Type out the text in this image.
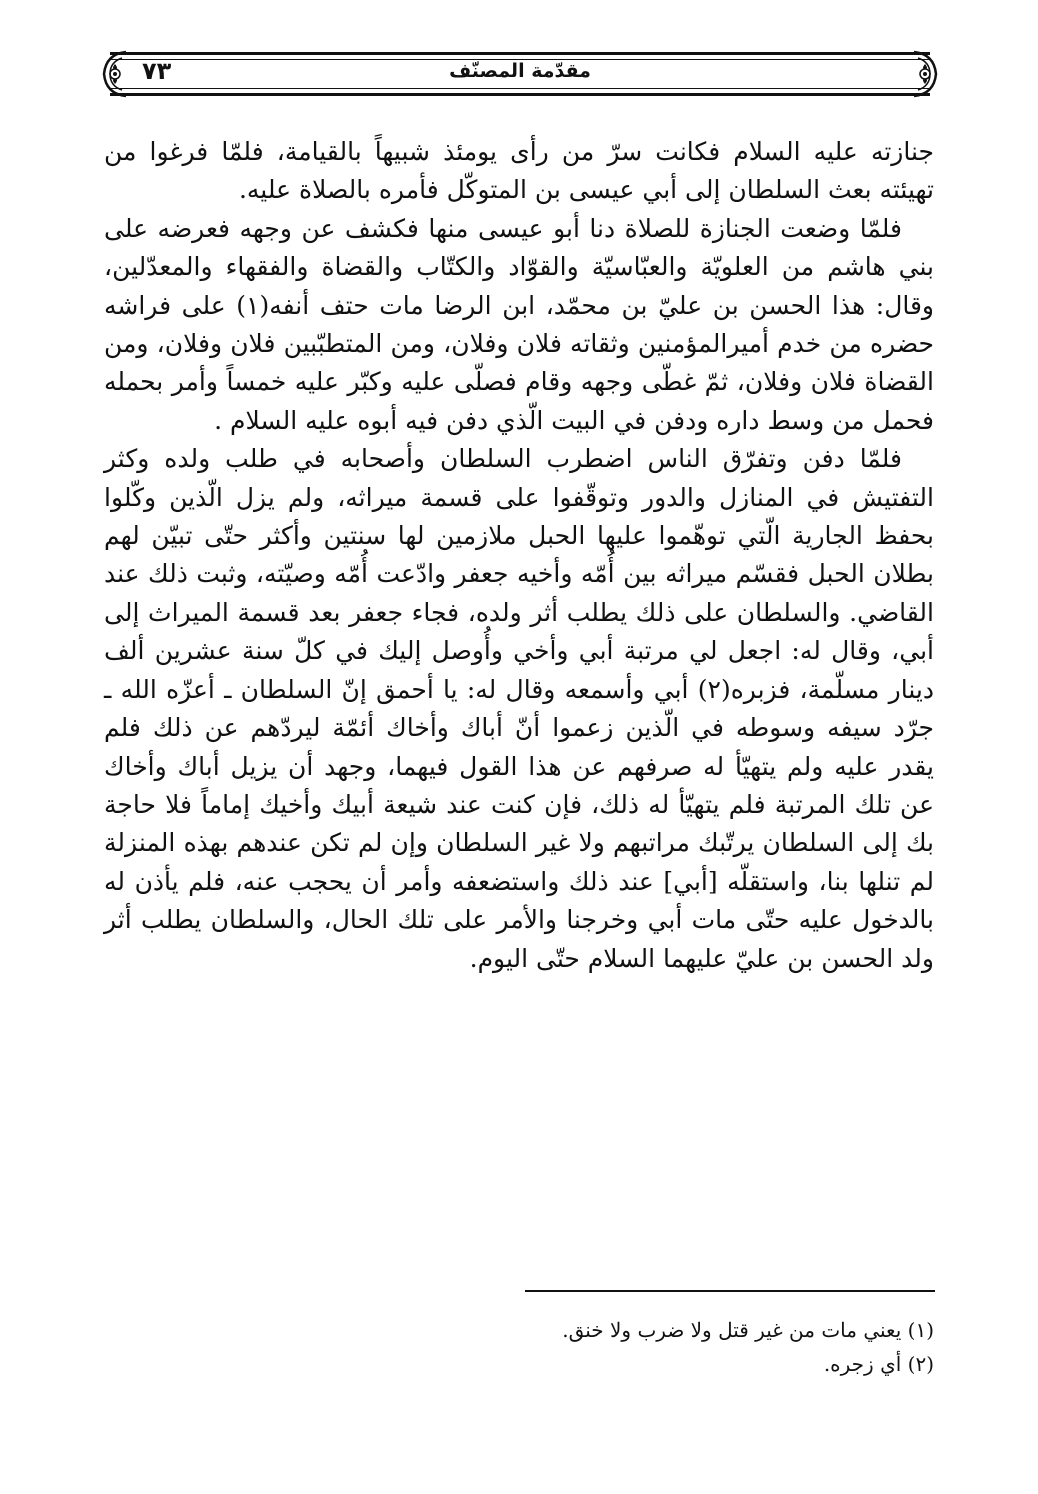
مقدّمة المصنّف
٧٣

جنازته عليه السلام فكانت سرّ من رأى يومئذ شبيهاً بالقيامة، فلمّا فرغوا من تهيئته بعث السلطان إلى أبي عيسى بن المتوكّل فأمره بالصلاة عليه.

فلمّا وضعت الجنازة للصلاة دنا أبو عيسى منها فكشف عن وجهه فعرضه على بني هاشم من العلويّة والعبّاسيّة والقوّاد والكتّاب والقضاة والفقهاء والمعدّلين، وقال: هذا الحسن بن عليّ بن محمّد، ابن الرضا مات حتف أنفه(١) على فراشه حضره من خدم أميرالمؤمنين وثقاته فلان وفلان، ومن المتطبّبين فلان وفلان، ومن القضاة فلان وفلان، ثمّ غطّى وجهه وقام فصلّى عليه وكبّر عليه خمساً وأمر بحمله فحمل من وسط داره ودفن في البيت الّذي دفن فيه أبوه عليه السلام .

فلمّا دفن وتفرّق الناس اضطرب السلطان وأصحابه في طلب ولده وكثر التفتيش في المنازل والدور وتوقّفوا على قسمة ميراثه، ولم يزل الّذين وكّلوا بحفظ الجارية الّتي توهّموا عليها الحبل ملازمين لها سنتين وأكثر حتّى تبيّن لهم بطلان الحبل فقسّم ميراثه بين أُمّه وأخيه جعفر وادّعت أُمّه وصيّته، وثبت ذلك عند القاضي. والسلطان على ذلك يطلب أثر ولده، فجاء جعفر بعد قسمة الميراث إلى أبي، وقال له: اجعل لي مرتبة أبي وأخي وأُوصل إليك في كلّ سنة عشرين ألف دينار مسلّمة، فزبره(٢) أبي وأسمعه وقال له: يا أحمق إنّ السلطان ـ أعزّه الله ـ جرّد سيفه وسوطه في الّذين زعموا أنّ أباك وأخاك أئمّة ليردّهم عن ذلك فلم يقدر عليه ولم يتهيّأ له صرفهم عن هذا القول فيهما، وجهد أن يزيل أباك وأخاك عن تلك المرتبة فلم يتهيّأ له ذلك، فإن كنت عند شيعة أبيك وأخيك إماماً فلا حاجة بك إلى السلطان يرتّبك مراتبهم ولا غير السلطان وإن لم تكن عندهم بهذه المنزلة لم تنلها بنا، واستقلّه [أبي] عند ذلك واستضعفه وأمر أن يحجب عنه، فلم يأذن له بالدخول عليه حتّى مات أبي وخرجنا والأمر على تلك الحال، والسلطان يطلب أثر ولد الحسن بن عليّ عليهما السلام حتّى اليوم.

(١) يعني مات من غير قتل ولا ضرب ولا خنق.

(٢) أي زجره.
